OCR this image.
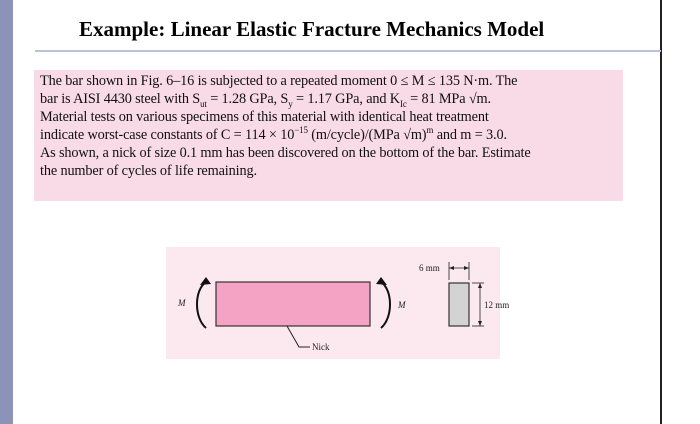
Example: Linear Elastic Fracture Mechanics Model
The bar shown in Fig. 6–16 is subjected to a repeated moment 0 ≤ M ≤ 135 N·m. The
bar is AISI 4430 steel with $S_{ut} = 1.28$ GPa, $S_y = 1.17$ GPa, and $K_{Ic} = 81$ MPa √m.
Material tests on various specimens of this material with identical heat treatment
indicate worst-case constants of $C = 114 \times 10^{-15}$ (m/cycle)/(MPa √m)$^m$ and m = 3.0.
As shown, a nick of size 0.1 mm has been discovered on the bottom of the bar. Estimate
the number of cycles of life remaining.
M	M
Nick
6 mm
12 mm
